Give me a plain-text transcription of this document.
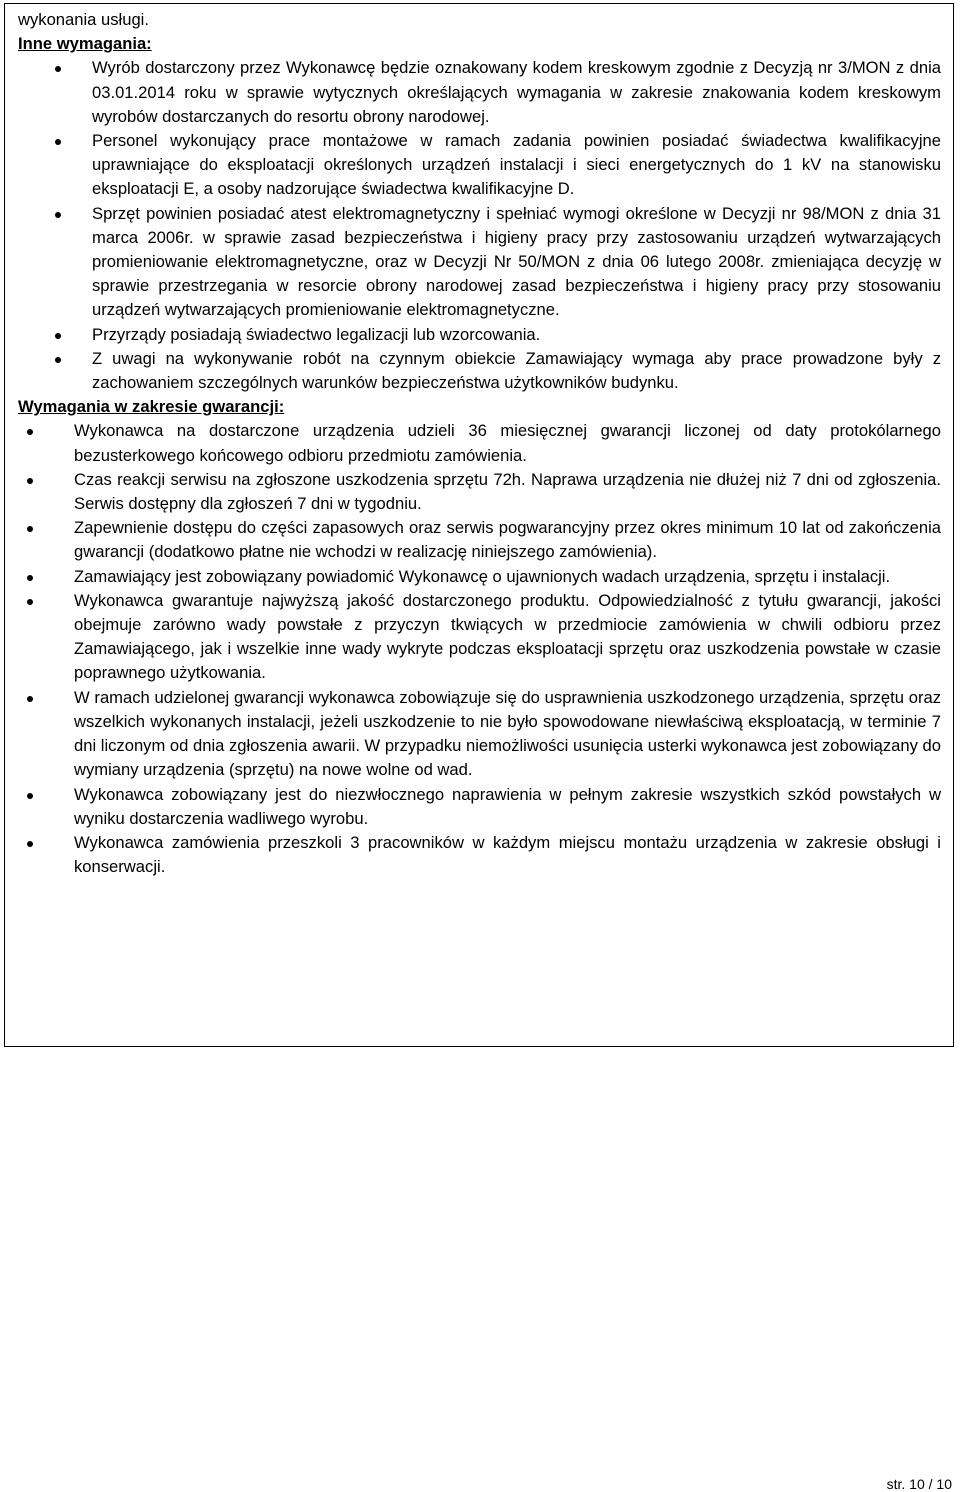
wykonania usługi.
Inne wymagania:
Wyrób dostarczony przez Wykonawcę będzie oznakowany kodem kreskowym zgodnie z Decyzją nr 3/MON z dnia 03.01.2014 roku w sprawie wytycznych określających wymagania w zakresie znakowania kodem kreskowym wyrobów dostarczanych do resortu obrony narodowej.
Personel wykonujący prace montażowe w ramach zadania powinien posiadać świadectwa kwalifikacyjne uprawniające do eksploatacji określonych urządzeń instalacji i sieci energetycznych do 1 kV na stanowisku eksploatacji E, a osoby nadzorujące świadectwa kwalifikacyjne D.
Sprzęt powinien posiadać atest elektromagnetyczny i spełniać wymogi określone w Decyzji nr 98/MON z dnia 31 marca 2006r. w sprawie zasad bezpieczeństwa i higieny pracy przy zastosowaniu urządzeń wytwarzających promieniowanie elektromagnetyczne, oraz w Decyzji Nr 50/MON z dnia 06 lutego 2008r. zmieniająca decyzję w sprawie przestrzegania w resorcie obrony narodowej zasad bezpieczeństwa i higieny pracy przy stosowaniu urządzeń wytwarzających promieniowanie elektromagnetyczne.
Przyrządy posiadają świadectwo legalizacji lub wzorcowania.
Z uwagi na wykonywanie robót na czynnym obiekcie Zamawiający wymaga aby prace prowadzone były z zachowaniem szczególnych warunków bezpieczeństwa użytkowników budynku.
Wymagania w zakresie gwarancji:
Wykonawca na dostarczone urządzenia udzieli 36 miesięcznej gwarancji liczonej od daty protokólarnego bezusterkowego końcowego odbioru przedmiotu zamówienia.
Czas reakcji serwisu na zgłoszone uszkodzenia sprzętu 72h. Naprawa urządzenia nie dłużej niż 7 dni od zgłoszenia. Serwis dostępny dla zgłoszeń 7 dni w tygodniu.
Zapewnienie dostępu do części zapasowych oraz serwis pogwarancyjny przez okres minimum 10 lat od zakończenia gwarancji (dodatkowo płatne nie wchodzi w realizację niniejszego zamówienia).
Zamawiający jest zobowiązany powiadomić Wykonawcę o ujawnionych wadach urządzenia, sprzętu i instalacji.
Wykonawca gwarantuje najwyższą jakość dostarczonego produktu. Odpowiedzialność z tytułu gwarancji, jakości obejmuje zarówno wady powstałe z przyczyn tkwiących w przedmiocie zamówienia w chwili odbioru przez Zamawiającego, jak i wszelkie inne wady wykryte podczas eksploatacji sprzętu oraz uszkodzenia powstałe w czasie poprawnego użytkowania.
W ramach udzielonej gwarancji wykonawca zobowiązuje się do usprawnienia uszkodzonego urządzenia, sprzętu oraz wszelkich wykonanych instalacji, jeżeli uszkodzenie to nie było spowodowane niewłaściwą eksploatacją, w terminie 7 dni liczonym od dnia zgłoszenia awarii. W przypadku niemożliwości usunięcia usterki wykonawca jest zobowiązany do wymiany urządzenia (sprzętu) na nowe wolne od wad.
Wykonawca zobowiązany jest do niezwłocznego naprawienia w pełnym zakresie wszystkich szkód powstałych w wyniku dostarczenia wadliwego wyrobu.
Wykonawca zamówienia przeszkoli 3 pracowników w każdym miejscu montażu urządzenia w zakresie obsługi i konserwacji.
str. 10 / 10
